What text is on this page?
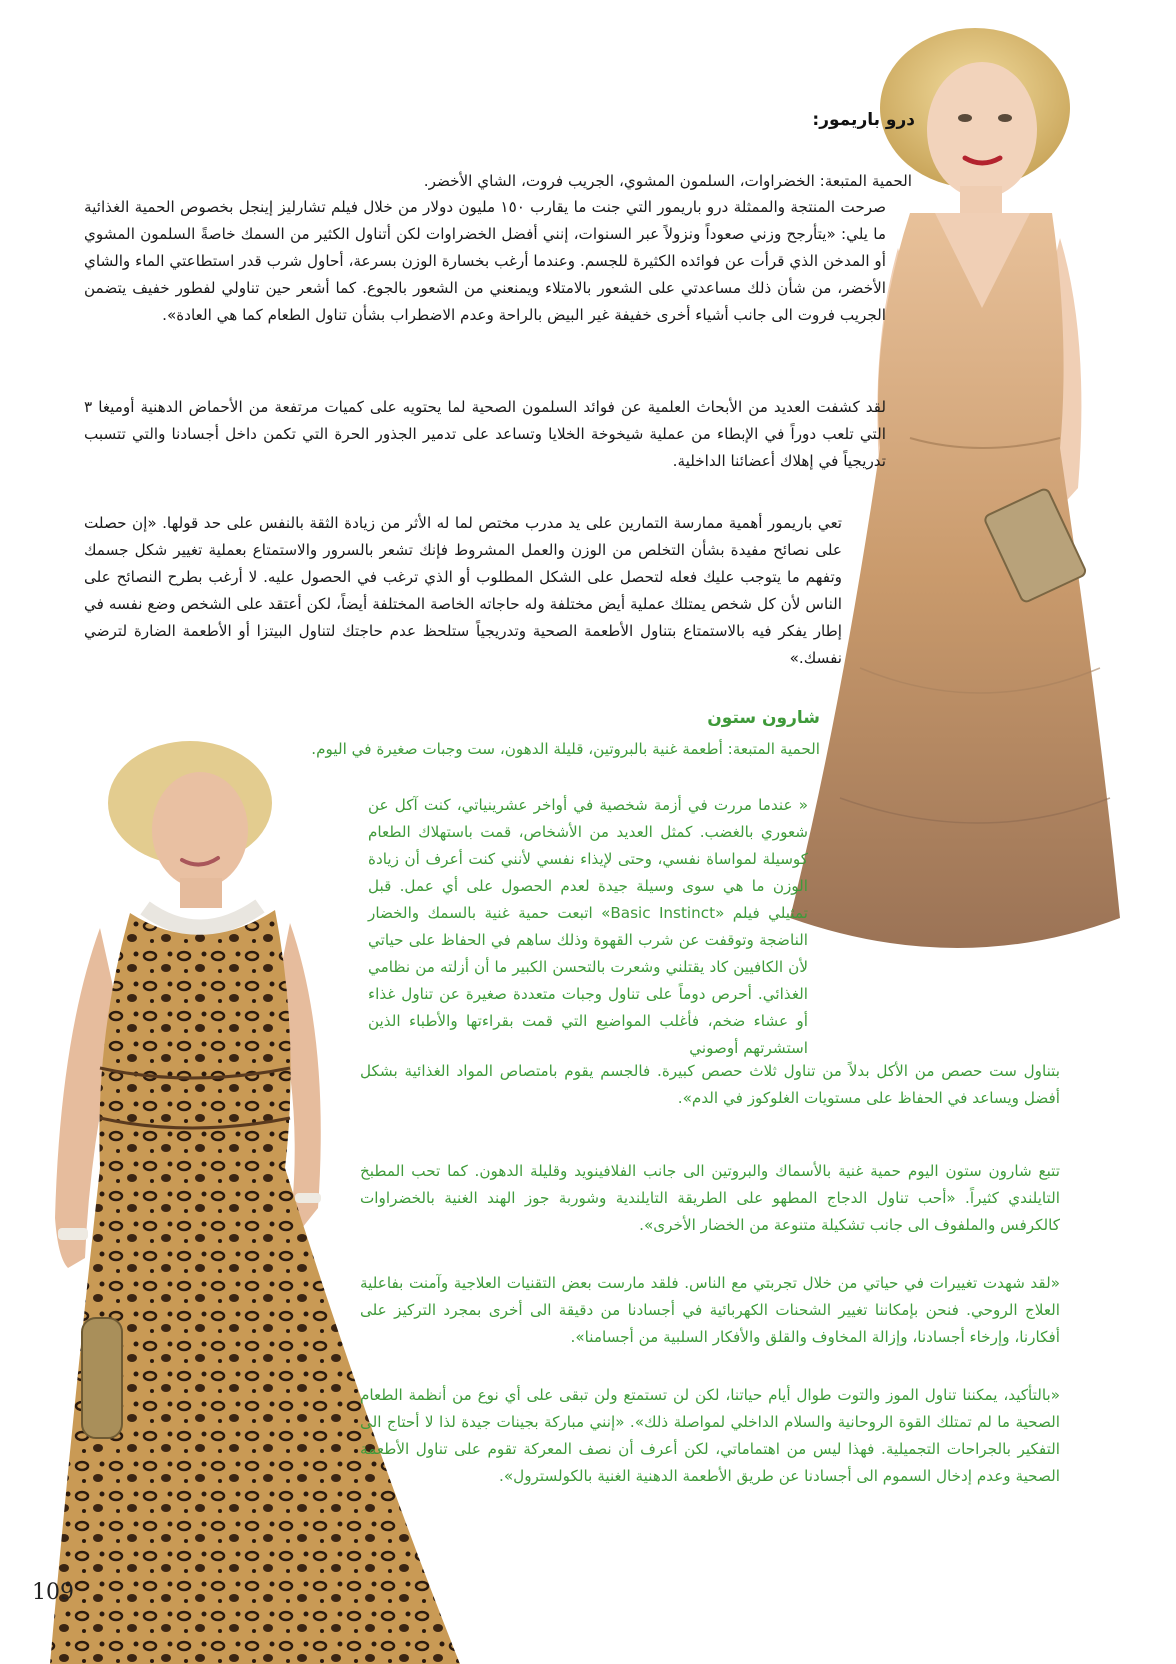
درو باريمور:
الحمية المتبعة: الخضراوات، السلمون المشوي، الجريب فروت، الشاي الأخضر.
صرحت المنتجة والممثلة درو باريمور التي جنت ما يقارب ١٥٠ مليون دولار من خلال فيلم تشارليز إينجل بخصوص الحمية الغذائية ما يلي: «يتأرجح وزني صعوداً ونزولاً عبر السنوات، إنني أفضل الخضراوات لكن أتناول الكثير من السمك خاصةً السلمون المشوي أو المدخن الذي قرأت عن فوائده الكثيرة للجسم. وعندما أرغب بخسارة الوزن بسرعة، أحاول شرب قدر استطاعتي الماء والشاي الأخضر، من شأن ذلك مساعدتي على الشعور بالامتلاء ويمنعني من الشعور بالجوع. كما أشعر حين تناولي لفطور خفيف يتضمن الجريب فروت الى جانب أشياء أخرى خفيفة غير البيض بالراحة وعدم الاضطراب بشأن تناول الطعام كما هي العادة».
لقد كشفت العديد من الأبحاث العلمية عن فوائد السلمون الصحية لما يحتويه على كميات مرتفعة من الأحماض الدهنية أوميغا ٣ التي تلعب دوراً في الإبطاء من عملية شيخوخة الخلايا وتساعد على تدمير الجذور الحرة التي تكمن داخل أجسادنا والتي تتسبب تدريجياً في إهلاك أعضائنا الداخلية.
تعي باريمور أهمية ممارسة التمارين على يد مدرب مختص لما له الأثر من زيادة الثقة بالنفس على حد قولها. «إن حصلت على نصائح مفيدة بشأن التخلص من الوزن والعمل المشروط فإنك تشعر بالسرور والاستمتاع بعملية تغيير شكل جسمك وتفهم ما يتوجب عليك فعله لتحصل على الشكل المطلوب أو الذي ترغب في الحصول عليه. لا أرغب بطرح النصائح على الناس لأن كل شخص يمتلك عملية أيض مختلفة وله حاجاته الخاصة المختلفة أيضاً، لكن أعتقد على الشخص وضع نفسه في إطار يفكر فيه بالاستمتاع بتناول الأطعمة الصحية وتدريجياً ستلحظ عدم حاجتك لتناول البيتزا أو الأطعمة الضارة لترضي نفسك.»
شارون ستون
الحمية المتبعة: أطعمة غنية بالبروتين، قليلة الدهون، ست وجبات صغيرة في اليوم.
« عندما مررت في أزمة شخصية في أواخر عشرينياتي، كنت آكل عن شعوري بالغضب. كمثل العديد من الأشخاص، قمت باستهلاك الطعام كوسيلة لمواساة نفسي، وحتى لإيذاء نفسي لأنني كنت أعرف أن زيادة الوزن ما هي سوى وسيلة جيدة لعدم الحصول على أي عمل. قبل تمثيلي فيلم «Basic Instinct» اتبعت حمية غنية بالسمك والخضار الناضجة وتوقفت عن شرب القهوة وذلك ساهم في الحفاظ على حياتي لأن الكافيين كاد يقتلني وشعرت بالتحسن الكبير ما أن أزلته من نظامي الغذائي. أحرص دوماً على تناول وجبات متعددة صغيرة عن تناول غذاء أو عشاء ضخم، فأغلب المواضيع التي قمت بقراءتها والأطباء الذين استشرتهم أوصوني
بتناول ست حصص من الأكل بدلاً من تناول ثلاث حصص كبيرة. فالجسم يقوم بامتصاص المواد الغذائية بشكل أفضل ويساعد في الحفاظ على مستويات الغلوكوز في الدم».
تتبع شارون ستون اليوم حمية غنية بالأسماك والبروتين الى جانب الفلافينويد وقليلة الدهون. كما تحب المطبخ التايلندي كثيراً. «أحب تناول الدجاج المطهو على الطريقة التايلندية وشوربة جوز الهند الغنية بالخضراوات كالكرفس والملفوف الى جانب تشكيلة متنوعة من الخضار الأخرى».
«لقد شهدت تغييرات في حياتي من خلال تجربتي مع الناس. فلقد مارست بعض التقنيات العلاجية وآمنت بفاعلية العلاج الروحي. فنحن بإمكاننا تغيير الشحنات الكهربائية في أجسادنا من دقيقة الى أخرى بمجرد التركيز على أفكارنا، وإرخاء أجسادنا، وإزالة المخاوف والقلق والأفكار السلبية من أجسامنا».
«بالتأكيد، يمكننا تناول الموز والتوت طوال أيام حياتنا، لكن لن تستمتع ولن تبقى على أي نوع من أنظمة الطعام الصحية ما لم تمتلك القوة الروحانية والسلام الداخلي لمواصلة ذلك». «إنني مباركة بجينات جيدة لذا لا أحتاج الى التفكير بالجراحات التجميلية. فهذا ليس من اهتماماتي، لكن أعرف أن نصف المعركة تقوم على تناول الأطعمة الصحية وعدم إدخال السموم الى أجسادنا عن طريق الأطعمة الدهنية الغنية بالكولسترول».
109
